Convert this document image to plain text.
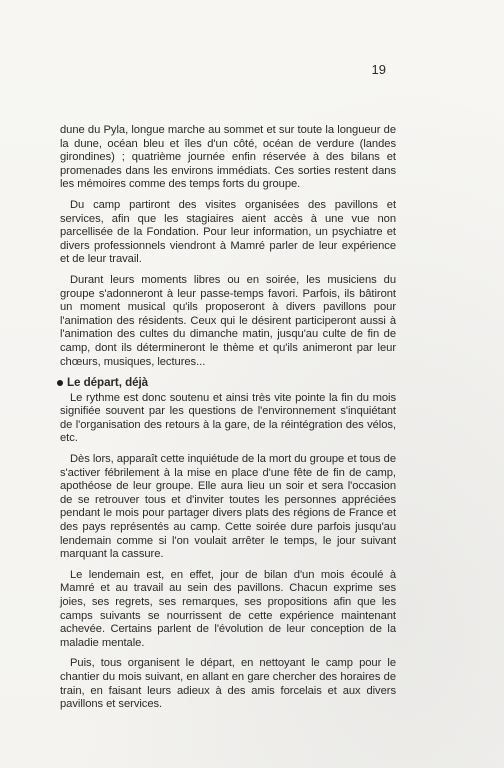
19

dune du Pyla, longue marche au sommet et sur toute la longueur de la dune, océan bleu et îles d'un côté, océan de verdure (landes girondines) ; quatrième journée enfin réservée à des bilans et promenades dans les environs immédiats. Ces sorties restent dans les mémoires comme des temps forts du groupe.

Du camp partiront des visites organisées des pavillons et services, afin que les stagiaires aient accès à une vue non parcellisée de la Fondation. Pour leur information, un psychiatre et divers professionnels viendront à Mamré parler de leur expérience et de leur travail.

Durant leurs moments libres ou en soirée, les musiciens du groupe s'adonneront à leur passe-temps favori. Parfois, ils bâtiront un moment musical qu'ils proposeront à divers pavillons pour l'animation des résidents. Ceux qui le désirent participeront aussi à l'animation des cultes du dimanche matin, jusqu'au culte de fin de camp, dont ils détermineront le thème et qu'ils animeront par leur chœurs, musiques, lectures...

Le départ, déjà

Le rythme est donc soutenu et ainsi très vite pointe la fin du mois signifiée souvent par les questions de l'environnement s'inquiétant de l'organisation des retours à la gare, de la réintégration des vélos, etc.

Dès lors, apparaît cette inquiétude de la mort du groupe et tous de s'activer fébrilement à la mise en place d'une fête de fin de camp, apothéose de leur groupe. Elle aura lieu un soir et sera l'occasion de se retrouver tous et d'inviter toutes les personnes appréciées pendant le mois pour partager divers plats des régions de France et des pays représentés au camp. Cette soirée dure parfois jusqu'au lendemain comme si l'on voulait arrêter le temps, le jour suivant marquant la cassure.

Le lendemain est, en effet, jour de bilan d'un mois écoulé à Mamré et au travail au sein des pavillons. Chacun exprime ses joies, ses regrets, ses remarques, ses propositions afin que les camps suivants se nourrissent de cette expérience maintenant achevée. Certains parlent de l'évolution de leur conception de la maladie mentale.

Puis, tous organisent le départ, en nettoyant le camp pour le chantier du mois suivant, en allant en gare chercher des horaires de train, en faisant leurs adieux à des amis forcelais et aux divers pavillons et services.
